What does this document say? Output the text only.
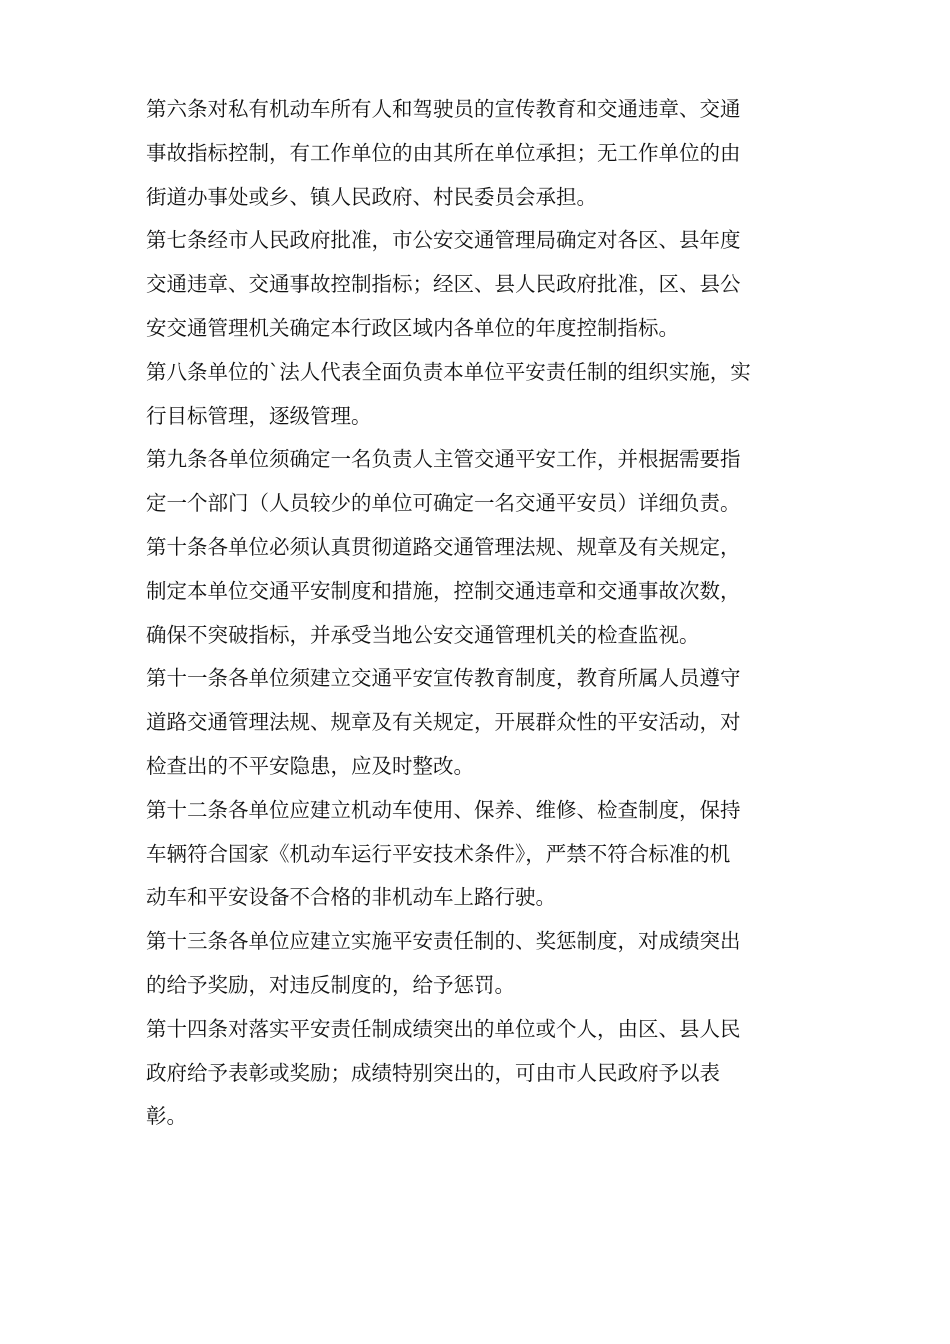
第六条对私有机动车所有人和驾驶员的宣传教育和交通违章、交通
事故指标控制，有工作单位的由其所在单位承担；无工作单位的由
街道办事处或乡、镇人民政府、村民委员会承担。
第七条经市人民政府批准，市公安交通管理局确定对各区、县年度
交通违章、交通事故控制指标；经区、县人民政府批准，区、县公
安交通管理机关确定本行政区域内各单位的年度控制指标。
第八条单位的`法人代表全面负责本单位平安责任制的组织实施，实
行目标管理，逐级管理。
第九条各单位须确定一名负责人主管交通平安工作，并根据需要指
定一个部门（人员较少的单位可确定一名交通平安员）详细负责。
第十条各单位必须认真贯彻道路交通管理法规、规章及有关规定，
制定本单位交通平安制度和措施，控制交通违章和交通事故次数，
确保不突破指标，并承受当地公安交通管理机关的检查监视。
第十一条各单位须建立交通平安宣传教育制度，教育所属人员遵守
道路交通管理法规、规章及有关规定，开展群众性的平安活动，对
检查出的不平安隐患，应及时整改。
第十二条各单位应建立机动车使用、保养、维修、检查制度，保持
车辆符合国家《机动车运行平安技术条件》，严禁不符合标准的机
动车和平安设备不合格的非机动车上路行驶。
第十三条各单位应建立实施平安责任制的、奖惩制度，对成绩突出
的给予奖励，对违反制度的，给予惩罚。
第十四条对落实平安责任制成绩突出的单位或个人，由区、县人民
政府给予表彰或奖励；成绩特别突出的，可由市人民政府予以表
彰。
